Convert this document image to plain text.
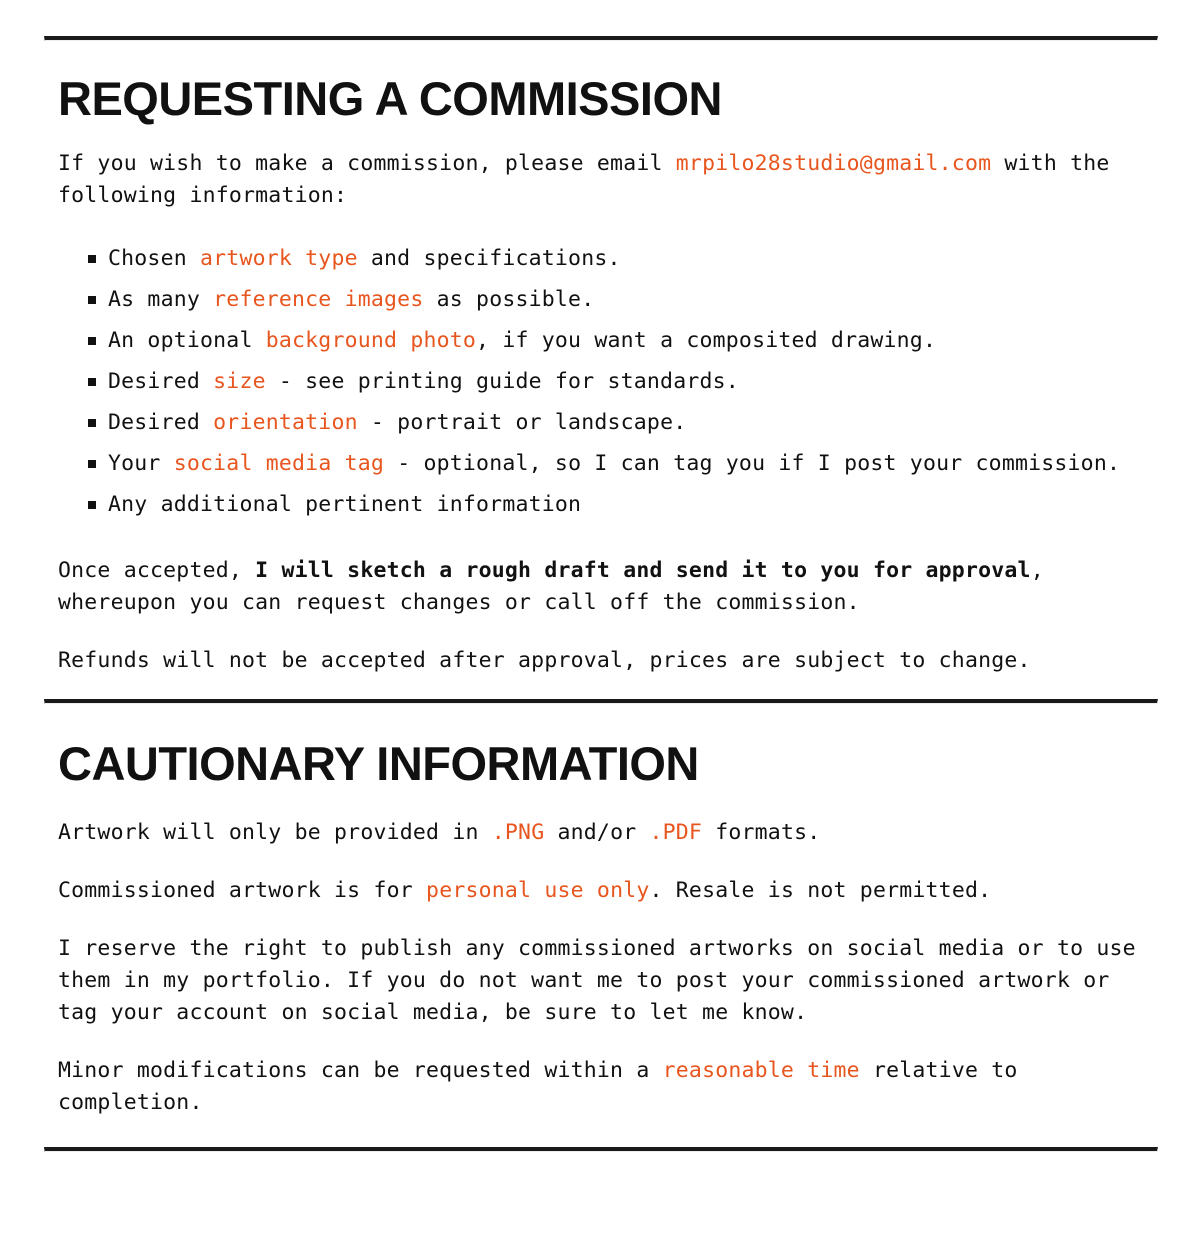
REQUESTING A COMMISSION

If you wish to make a commission, please email mrpilo28studio@gmail.com with the following information:

Chosen artwork type and specifications.
As many reference images as possible.
An optional background photo, if you want a composited drawing.
Desired size - see printing guide for standards.
Desired orientation - portrait or landscape.
Your social media tag - optional, so I can tag you if I post your commission.
Any additional pertinent information

Once accepted, I will sketch a rough draft and send it to you for approval, whereupon you can request changes or call off the commission.

Refunds will not be accepted after approval, prices are subject to change.

CAUTIONARY INFORMATION

Artwork will only be provided in .PNG and/or .PDF formats.

Commissioned artwork is for personal use only. Resale is not permitted.

I reserve the right to publish any commissioned artworks on social media or to use them in my portfolio. If you do not want me to post your commissioned artwork or tag your account on social media, be sure to let me know.

Minor modifications can be requested within a reasonable time relative to completion.
